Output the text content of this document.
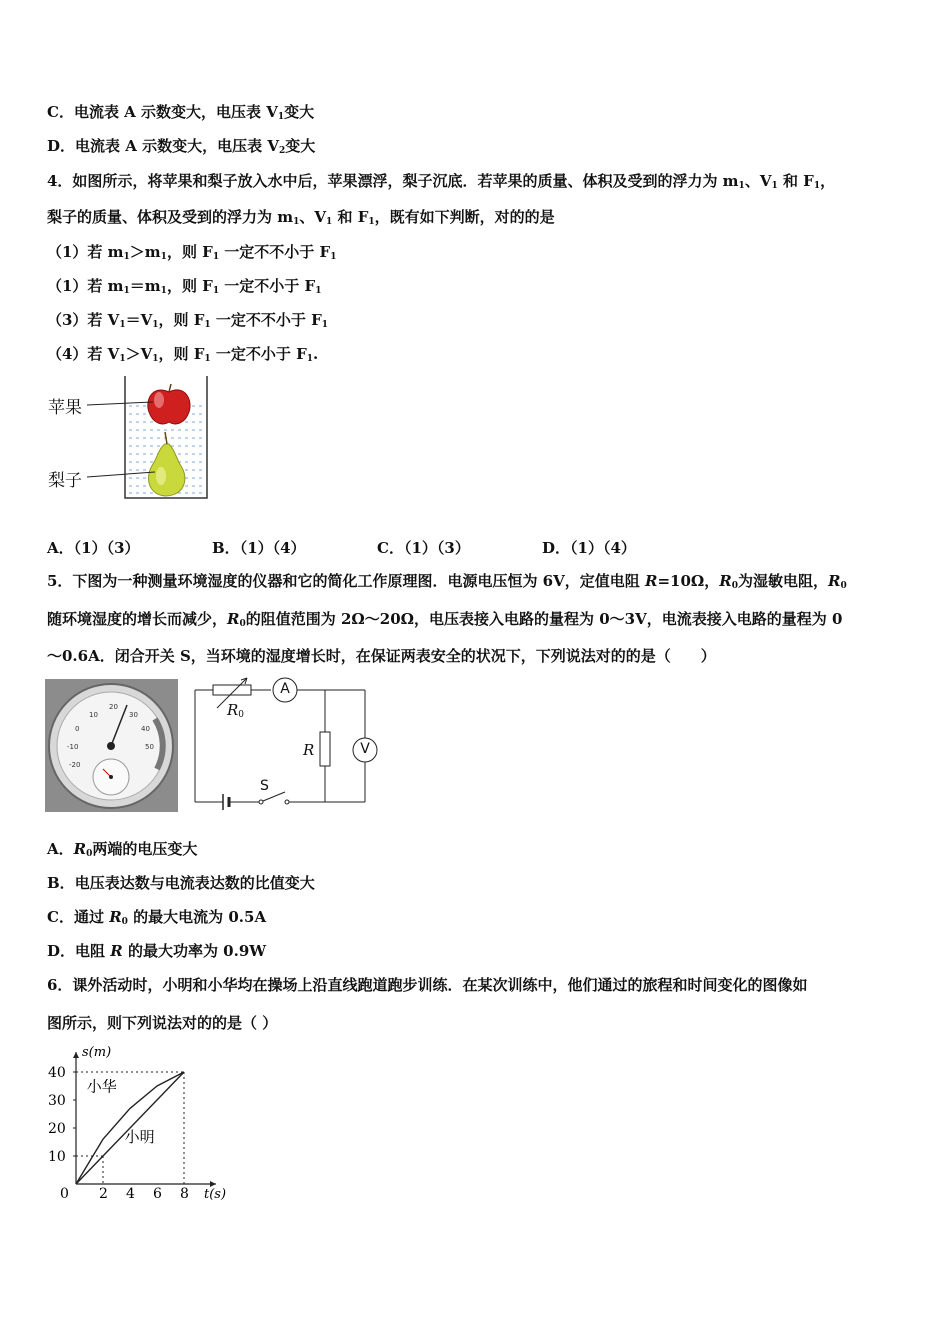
C．电流表 A 示数变大，电压表 $V_1$变大
D．电流表 A 示数变大，电压表 $V_2$变大
4．如图所示，将苹果和梨子放入水中后，苹果漂浮，梨子沉底．若苹果的质量、体积及受到的浮力为 $m_1$、$V_1$ 和 $F_1$，
梨子的质量、体积及受到的浮力为 $m_1$、$V_1$ 和 $F_1$，既有如下判断，对的的是
（1）若 $m_1>m_1$，则 $F_1$ 一定不不小于 $F_1$
（1）若 $m_1=m_1$，则 $F_1$ 一定不小于 $F_1$
（3）若 $V_1=V_1$，则 $F_1$ 一定不不小于 $F_1$
（4）若 $V_1>V_1$，则 $F_1$ 一定不小于 $F_1$.
苹果
梨子
A．（1）（3）	B．（1）（4）	C．（1）（3）	D．（1）（4）
5．下图为一种测量环境湿度的仪器和它的简化工作原理图．电源电压恒为 6V，定值电阻 R=10Ω，$R_0$为湿敏电阻，$R_0$
随环境湿度的增长而减少，$R_0$的阻值范围为 2Ω～20Ω，电压表接入电路的量程为 0～3V，电流表接入电路的量程为 0
～0.6A．闭合开关 S，当环境的湿度增长时，在保证两表安全的状况下，下列说法对的的是（　　）
10
20
30
0	40
-10	50
-20
A
V
R
$R_0$
S
A．$R_0$两端的电压变大
B．电压表达数与电流表达数的比值变大
C．通过 $R_0$ 的最大电流为 0.5A
D．电阻 R 的最大功率为 0.9W
6．课外活动时，小明和小华均在操场上沿直线跑道跑步训练．在某次训练中，他们通过的旅程和时间变化的图像如
图所示，则下列说法对的的是（ ）
s(m)
t(s)
0 2 4 6 8
10
20
30
40
小华
小明
